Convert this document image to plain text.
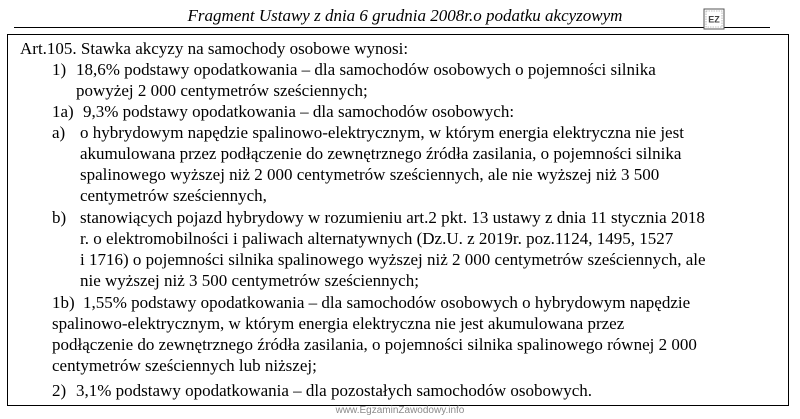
Fragment Ustawy z dnia 6 grudnia 2008r.o podatku akcyzowym	EZ
Art.105. Stawka akcyzy na samochody osobowe wynosi:
1) 18,6% podstawy opodatkowania – dla samochodów osobowych o pojemności silnika
powyżej 2 000 centymetrów sześciennych;
1a) 9,3% podstawy opodatkowania – dla samochodów osobowych:
a) o hybrydowym napędzie spalinowo-elektrycznym, w którym energia elektryczna nie jest
akumulowana przez podłączenie do zewnętrznego źródła zasilania, o pojemności silnika
spalinowego wyższej niż 2 000 centymetrów sześciennych, ale nie wyższej niż 3 500
centymetrów sześciennych,
b) stanowiących pojazd hybrydowy w rozumieniu art.2 pkt. 13 ustawy z dnia 11 stycznia 2018
r. o elektromobilności i paliwach alternatywnych (Dz.U. z 2019r. poz.1124, 1495, 1527
i 1716) o pojemności silnika spalinowego wyższej niż 2 000 centymetrów sześciennych, ale
nie wyższej niż 3 500 centymetrów sześciennych;
1b) 1,55% podstawy opodatkowania – dla samochodów osobowych o hybrydowym napędzie
spalinowo-elektrycznym, w którym energia elektryczna nie jest akumulowana przez
podłączenie do zewnętrznego źródła zasilania, o pojemności silnika spalinowego równej 2 000
centymetrów sześciennych lub niższej;
2) 3,1% podstawy opodatkowania – dla pozostałych samochodów osobowych.
www.EgzaminZawodowy.info
